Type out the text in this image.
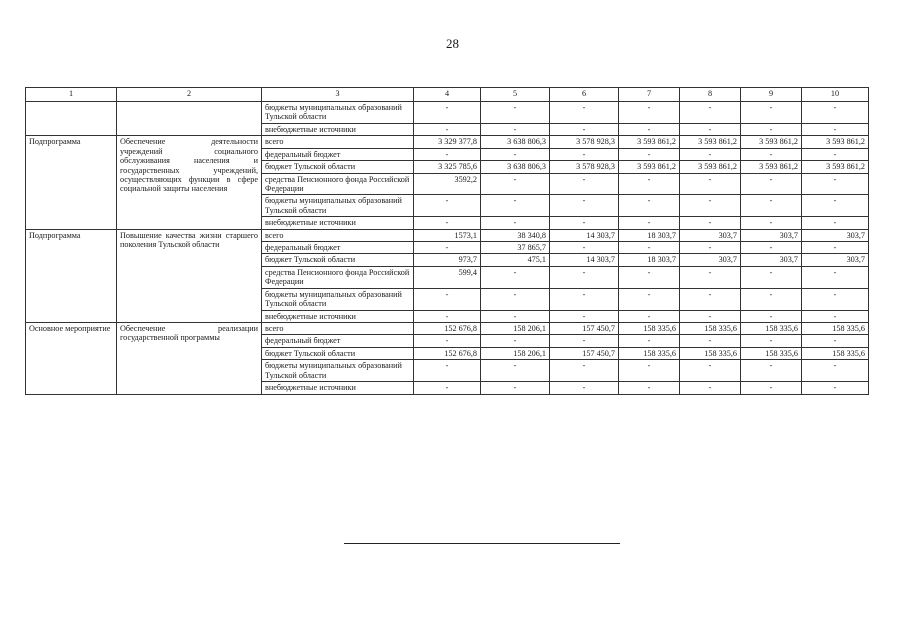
28
1	2	3	4	5	6	7	8	9	10
		бюджеты муниципальных образований Тульской области	-	-	-	-	-	-	-
		внебюджетные источники	-	-	-	-	-	-	-
Подпрограмма	Обеспечение деятельности учреждений социального обслуживания населения и государственных учреждений, осуществляющих функции в сфере социальной защиты населения	всего	3 329 377,8	3 638 806,3	3 578 928,3	3 593 861,2	3 593 861,2	3 593 861,2	3 593 861,2
		федеральный бюджет	-	-	-	-	-	-	-
		бюджет Тульской области	3 325 785,6	3 638 806,3	3 578 928,3	3 593 861,2	3 593 861,2	3 593 861,2	3 593 861,2
		средства Пенсионного фонда Российской Федерации	3592,2	-	-	-	-	-	-
		бюджеты муниципальных образований Тульской области	-	-	-	-	-	-	-
		внебюджетные источники	-	-	-	-	-	-	-
Подпрограмма	Повышение качества жизни старшего поколения Тульской области	всего	1573,1	38 340,8	14 303,7	18 303,7	303,7	303,7	303,7
		федеральный бюджет	-	37 865,7	-	-	-	-	-
		бюджет Тульской области	973,7	475,1	14 303,7	18 303,7	303,7	303,7	303,7
		средства Пенсионного фонда Российской Федерации	599,4	-	-	-	-	-	-
		бюджеты муниципальных образований Тульской области	-	-	-	-	-	-	-
		внебюджетные источники	-	-	-	-	-	-	-
Основное мероприятие	Обеспечение реализации государственной программы	всего	152 676,8	158 206,1	157 450,7	158 335,6	158 335,6	158 335,6	158 335,6
		федеральный бюджет	-	-	-	-	-	-	-
		бюджет Тульской области	152 676,8	158 206,1	157 450,7	158 335,6	158 335,6	158 335,6	158 335,6
		бюджеты муниципальных образований Тульской области	-	-	-	-	-	-	-
		внебюджетные источники	-	-	-	-	-	-	-
